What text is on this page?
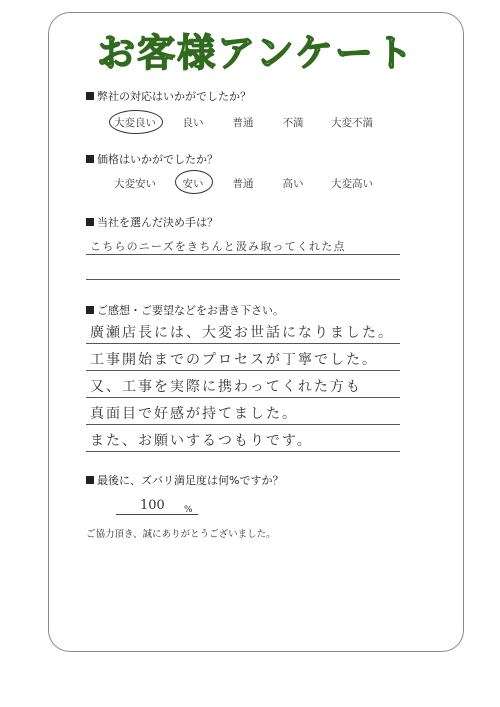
お客様アンケート
弊社の対応はいかがでしたか？
大変良い	良い	普通	不満	大変不満
価格はいかがでしたか？
大変安い	安い	普通	高い	大変高い
当社を選んだ決め手は？
こちらのニーズをきちんと汲み取ってくれた点
ご感想・ご要望などをお書き下さい。
廣瀬店長には、大変お世話になりました。
工事開始までのプロセスが丁寧でした。
又、工事を実際に携わってくれた方も
真面目で好感が持てました。
また、お願いするつもりです。
最後に、ズバリ満足度は何%ですか？
100 %
ご協力頂き、誠にありがとうございました。
